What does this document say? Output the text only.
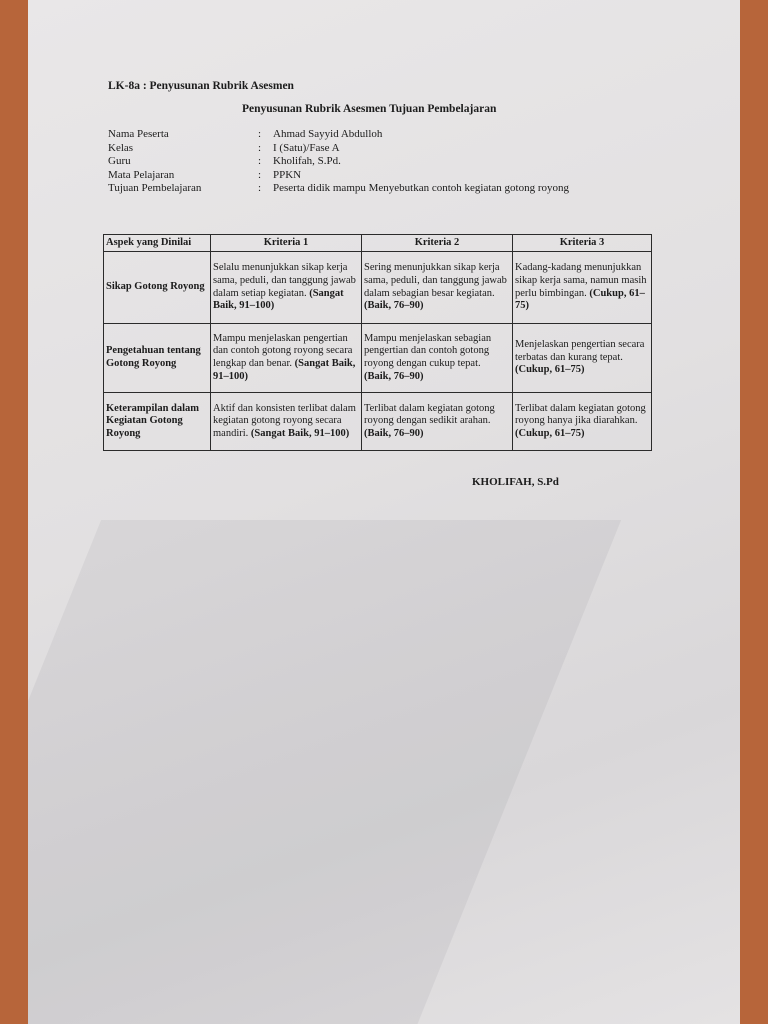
LK-8a : Penyusunan Rubrik Asesmen

Penyusunan Rubrik Asesmen Tujuan Pembelajaran

Nama Peserta	:	Ahmad Sayyid Abdulloh
Kelas	:	I (Satu)/Fase A
Guru	:	Kholifah, S.Pd.
Mata Pelajaran	:	PPKN
Tujuan Pembelajaran	:	Peserta didik mampu Menyebutkan contoh kegiatan gotong royong
Aspek yang Dinilai	Kriteria 1	Kriteria 2	Kriteria 3
Sikap Gotong Royong	Selalu menunjukkan sikap kerja sama, peduli, dan tanggung jawab dalam setiap kegiatan. (Sangat Baik, 91–100)	Sering menunjukkan sikap kerja sama, peduli, dan tanggung jawab dalam sebagian besar kegiatan. (Baik, 76–90)	Kadang-kadang menunjukkan sikap kerja sama, namun masih perlu bimbingan. (Cukup, 61–75)
Pengetahuan tentang Gotong Royong	Mampu menjelaskan pengertian dan contoh gotong royong secara lengkap dan benar. (Sangat Baik, 91–100)	Mampu menjelaskan sebagian pengertian dan contoh gotong royong dengan cukup tepat. (Baik, 76–90)	Menjelaskan pengertian secara terbatas dan kurang tepat. (Cukup, 61–75)
Keterampilan dalam Kegiatan Gotong Royong	Aktif dan konsisten terlibat dalam kegiatan gotong royong secara mandiri. (Sangat Baik, 91–100)	Terlibat dalam kegiatan gotong royong dengan sedikit arahan. (Baik, 76–90)	Terlibat dalam kegiatan gotong royong hanya jika diarahkan. (Cukup, 61–75)

KHOLIFAH, S.Pd
